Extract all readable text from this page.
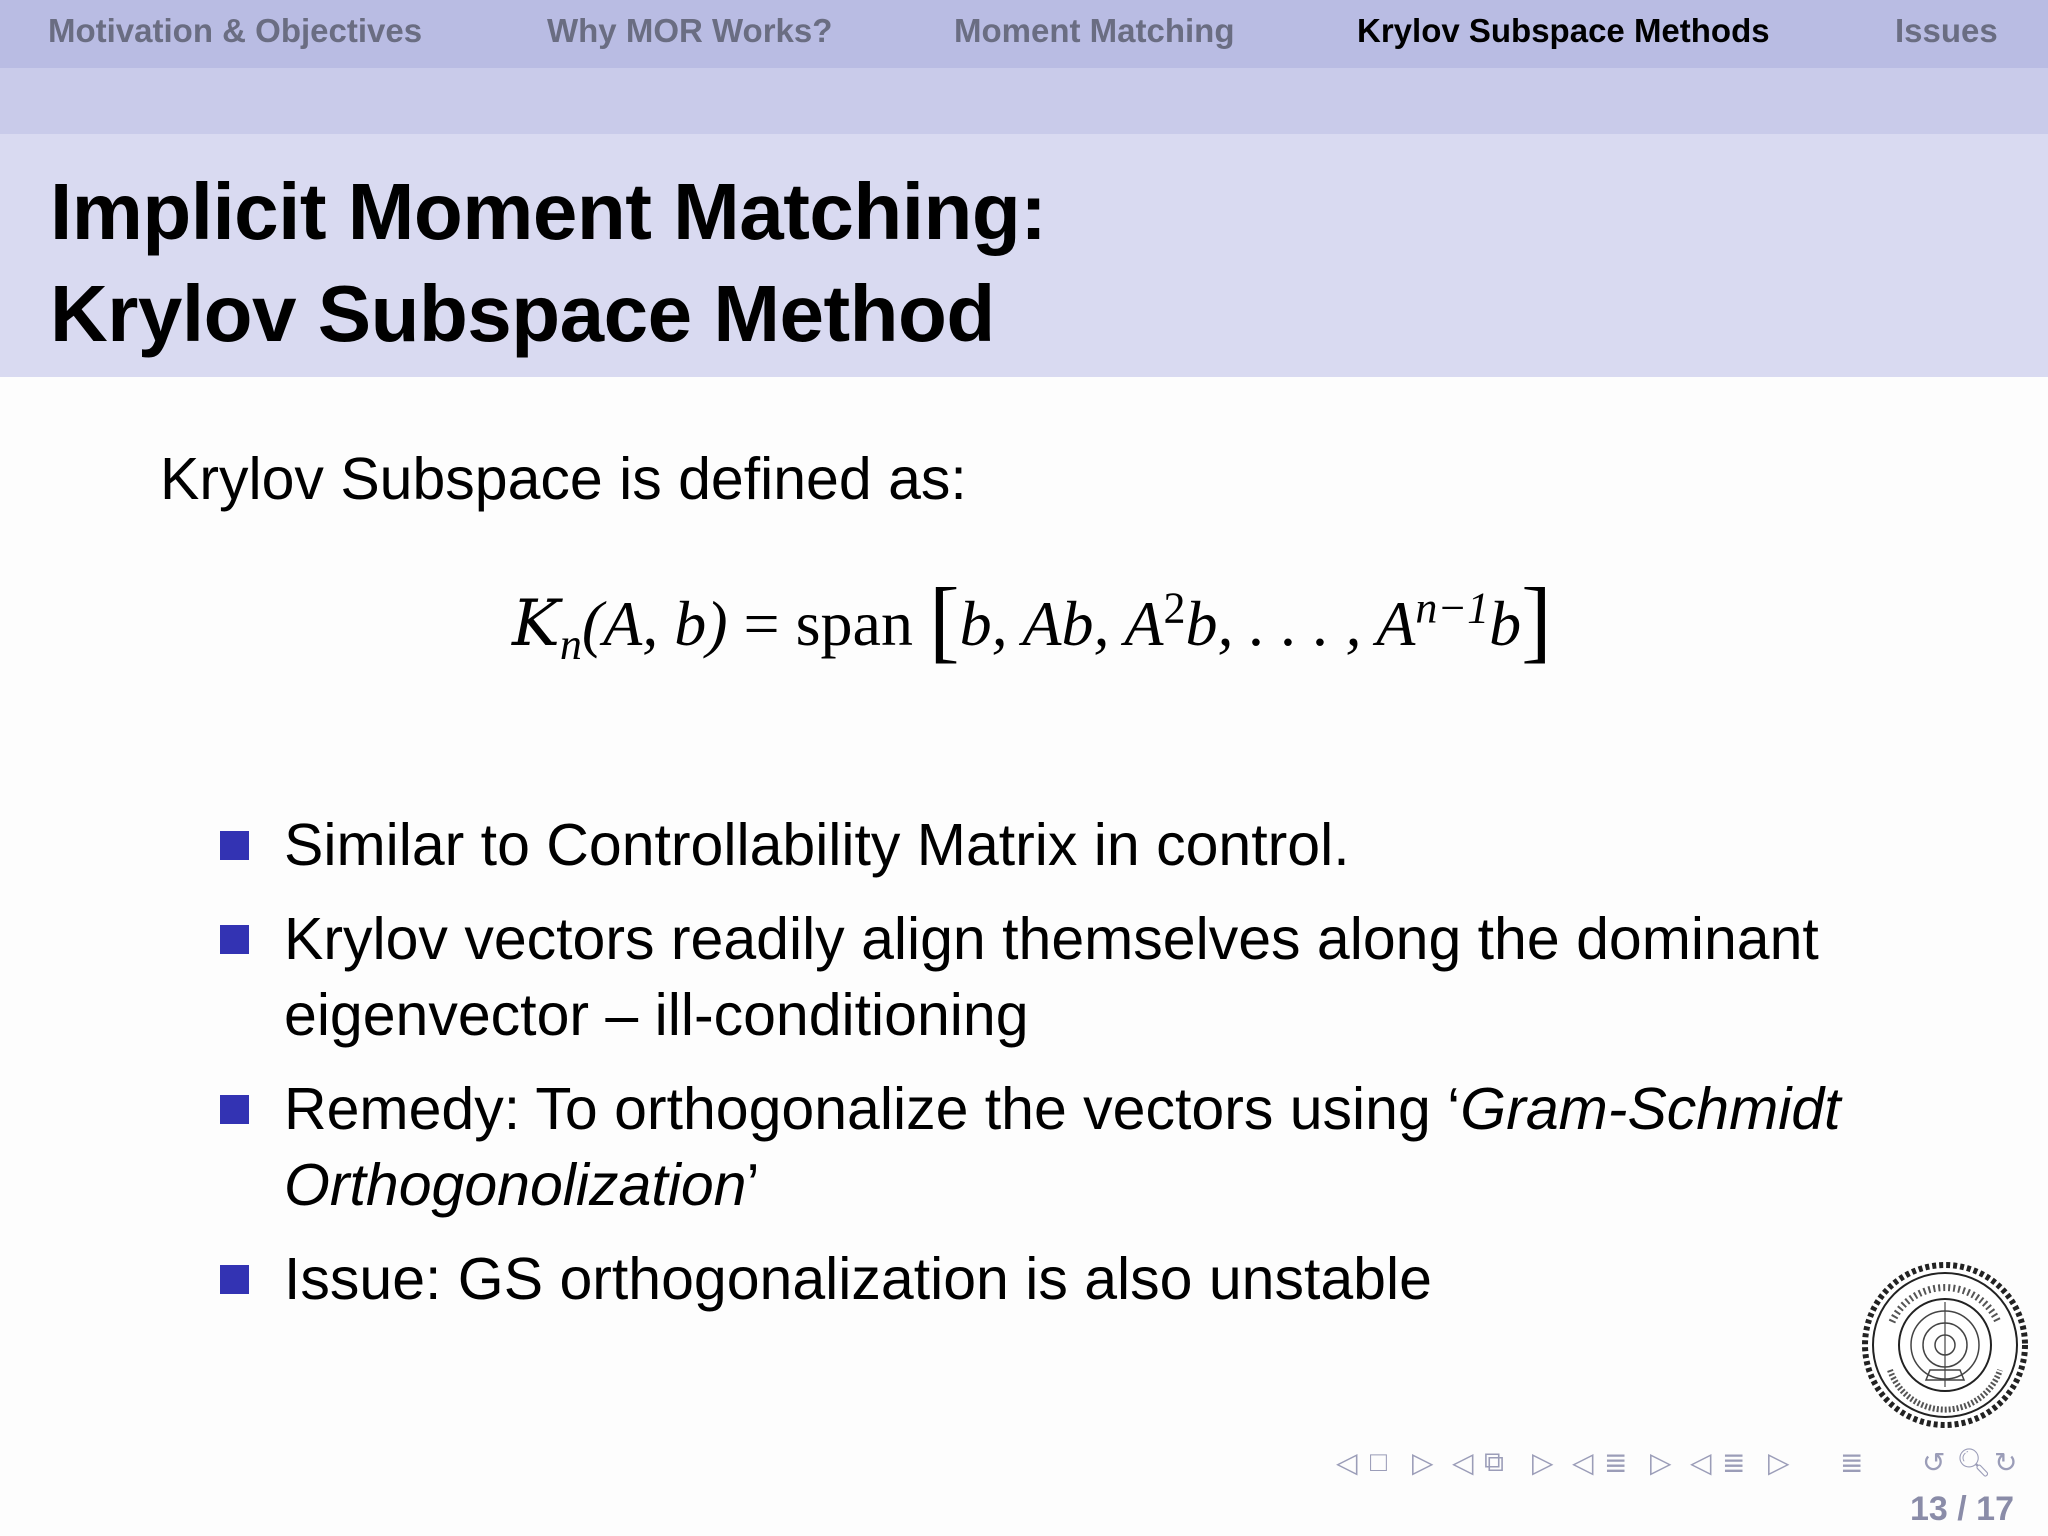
Motivation & Objectives	Why MOR Works?	Moment Matching	Krylov Subspace Methods	Issues
Implicit Moment Matching:
Krylov Subspace Method
Krylov Subspace is defined as:
$K_n(A$, b) = span [b, Ab, $A^2b$, . . . , $A^{n-1}b$]
Similar to Controllability Matrix in control.
Krylov vectors readily align themselves along the dominant eigenvector – ill-conditioning
Remedy: To orthogonalize the vectors using ‘Gram-Schmidt Orthogonolization’
Issue: GS orthogonalization is also unstable
◁ □ ▷ ◁ ⧉ ▷ ◁ ≣ ▷ ◁ ≣ ▷ ≣ ↺ 🔍︎ ↻
13 / 17
